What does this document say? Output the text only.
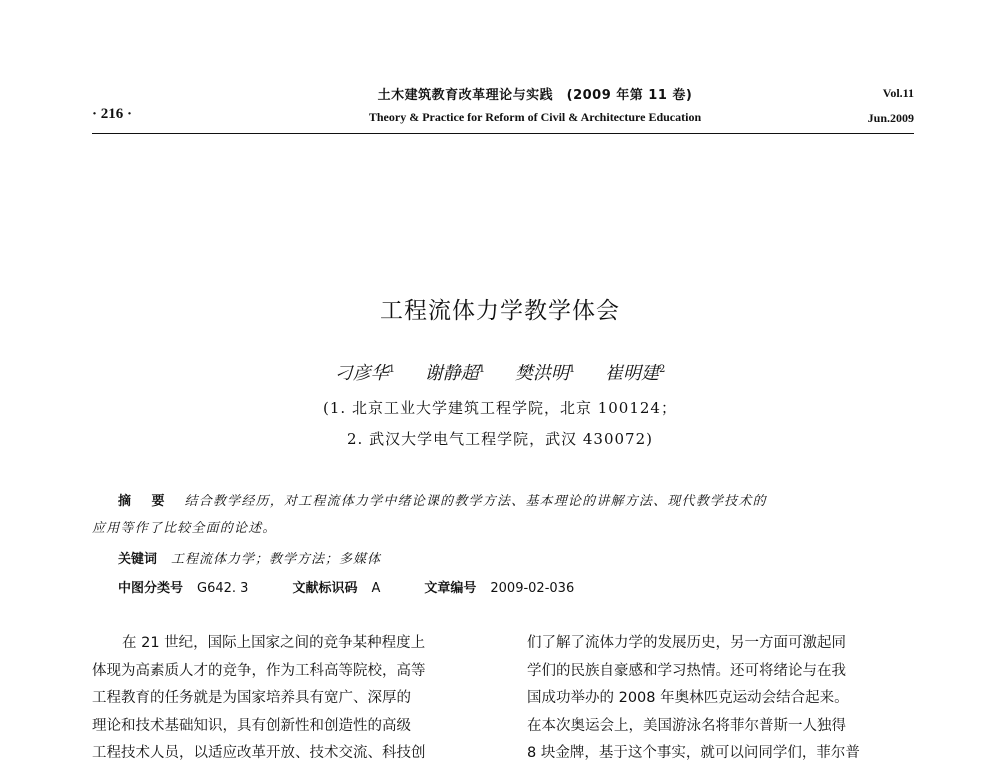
· 216 ·
土木建筑教育改革理论与实践　(2009 年第 11 卷)
Theory & Practice for Reform of Civil & Architecture Education
Vol.11
Jun.2009
工程流体力学教学体会
刁彦华$^1$ 谢静超$^1$ 樊洪明$^1$ 崔明建$^2$
(1. 北京工业大学建筑工程学院，北京 100124；
2. 武汉大学电气工程学院，武汉 430072)
摘 要 结合教学经历，对工程流体力学中绪论课的教学方法、基本理论的讲解方法、现代教学技术的
应用等作了比较全面的论述。
关键词 工程流体力学；教学方法；多媒体
中图分类号 G642. 3	文献标识码 A	文章编号 2009-02-036
在 21 世纪，国际上国家之间的竞争某种程度上
体现为高素质人才的竞争，作为工科高等院校，高等
工程教育的任务就是为国家培养具有宽广、深厚的
理论和技术基础知识，具有创新性和创造性的高级
工程技术人员，以适应改革开放、技术交流、科技创
们了解了流体力学的发展历史，另一方面可激起同
学们的民族自豪感和学习热情。还可将绪论与在我
国成功举办的 2008 年奥林匹克运动会结合起来。
在本次奥运会上，美国游泳名将菲尔普斯一人独得
8 块金牌，基于这个事实，就可以问同学们，菲尔普
